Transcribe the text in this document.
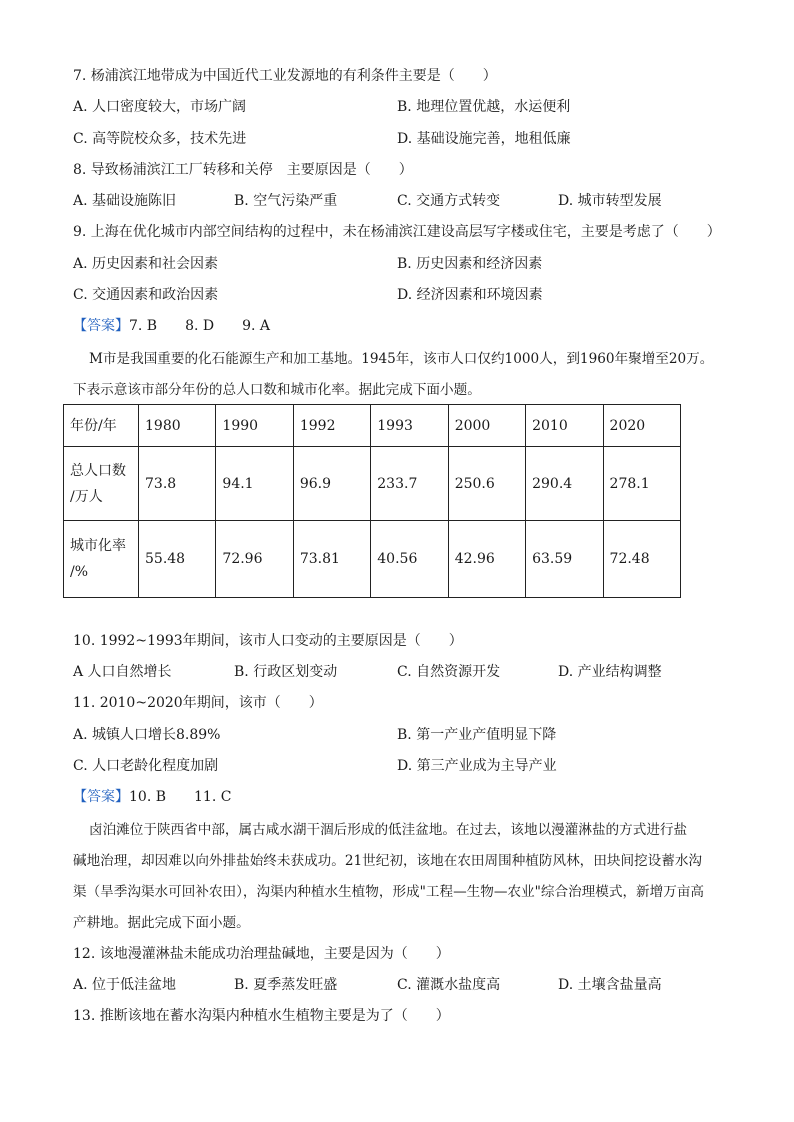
7. 杨浦滨江地带成为中国近代工业发源地的有利条件主要是（　　）
A. 人口密度较大，市场广阔	B. 地理位置优越，水运便利
C. 高等院校众多，技术先进	D. 基础设施完善，地租低廉
8. 导致杨浦滨江工厂转移和关停　主要原因是（　　）
A. 基础设施陈旧	B. 空气污染严重	C. 交通方式转变	D. 城市转型发展
9. 上海在优化城市内部空间结构的过程中，未在杨浦滨江建设高层写字楼或住宅，主要是考虑了（　　）
A. 历史因素和社会因素	B. 历史因素和经济因素
C. 交通因素和政治因素	D. 经济因素和环境因素
【答案】7. B　　8. D　　9. A
M市是我国重要的化石能源生产和加工基地。1945年，该市人口仅约1000人，到1960年聚增至20万。
下表示意该市部分年份的总人口数和城市化率。据此完成下面小题。
年份/年	1980	1990	1992	1993	2000	2010	2020

总人口数
/万人	73.8	94.1	96.9	233.7	250.6	290.4	278.1

城市化率
/%	55.48	72.96	73.81	40.56	42.96	63.59	72.48
10. 1992~1993年期间，该市人口变动的主要原因是（　　）
A 人口自然增长	B. 行政区划变动	C. 自然资源开发	D. 产业结构调整
11. 2010~2020年期间，该市（　　）
A. 城镇人口增长8.89%	B. 第一产业产值明显下降
C. 人口老龄化程度加剧	D. 第三产业成为主导产业
【答案】10. B　　11. C
卤泊滩位于陕西省中部，属古咸水湖干涸后形成的低洼盆地。在过去，该地以漫灌淋盐的方式进行盐
碱地治理，却因难以向外排盐始终未获成功。21世纪初，该地在农田周围种植防风林，田块间挖设蓄水沟
渠（旱季沟渠水可回补农田），沟渠内种植水生植物，形成"工程—生物—农业"综合治理模式，新增万亩高
产耕地。据此完成下面小题。
12. 该地漫灌淋盐未能成功治理盐碱地，主要是因为（　　）
A. 位于低洼盆地	B. 夏季蒸发旺盛	C. 灌溉水盐度高	D. 土壤含盐量高
13. 推断该地在蓄水沟渠内种植水生植物主要是为了（　　）
